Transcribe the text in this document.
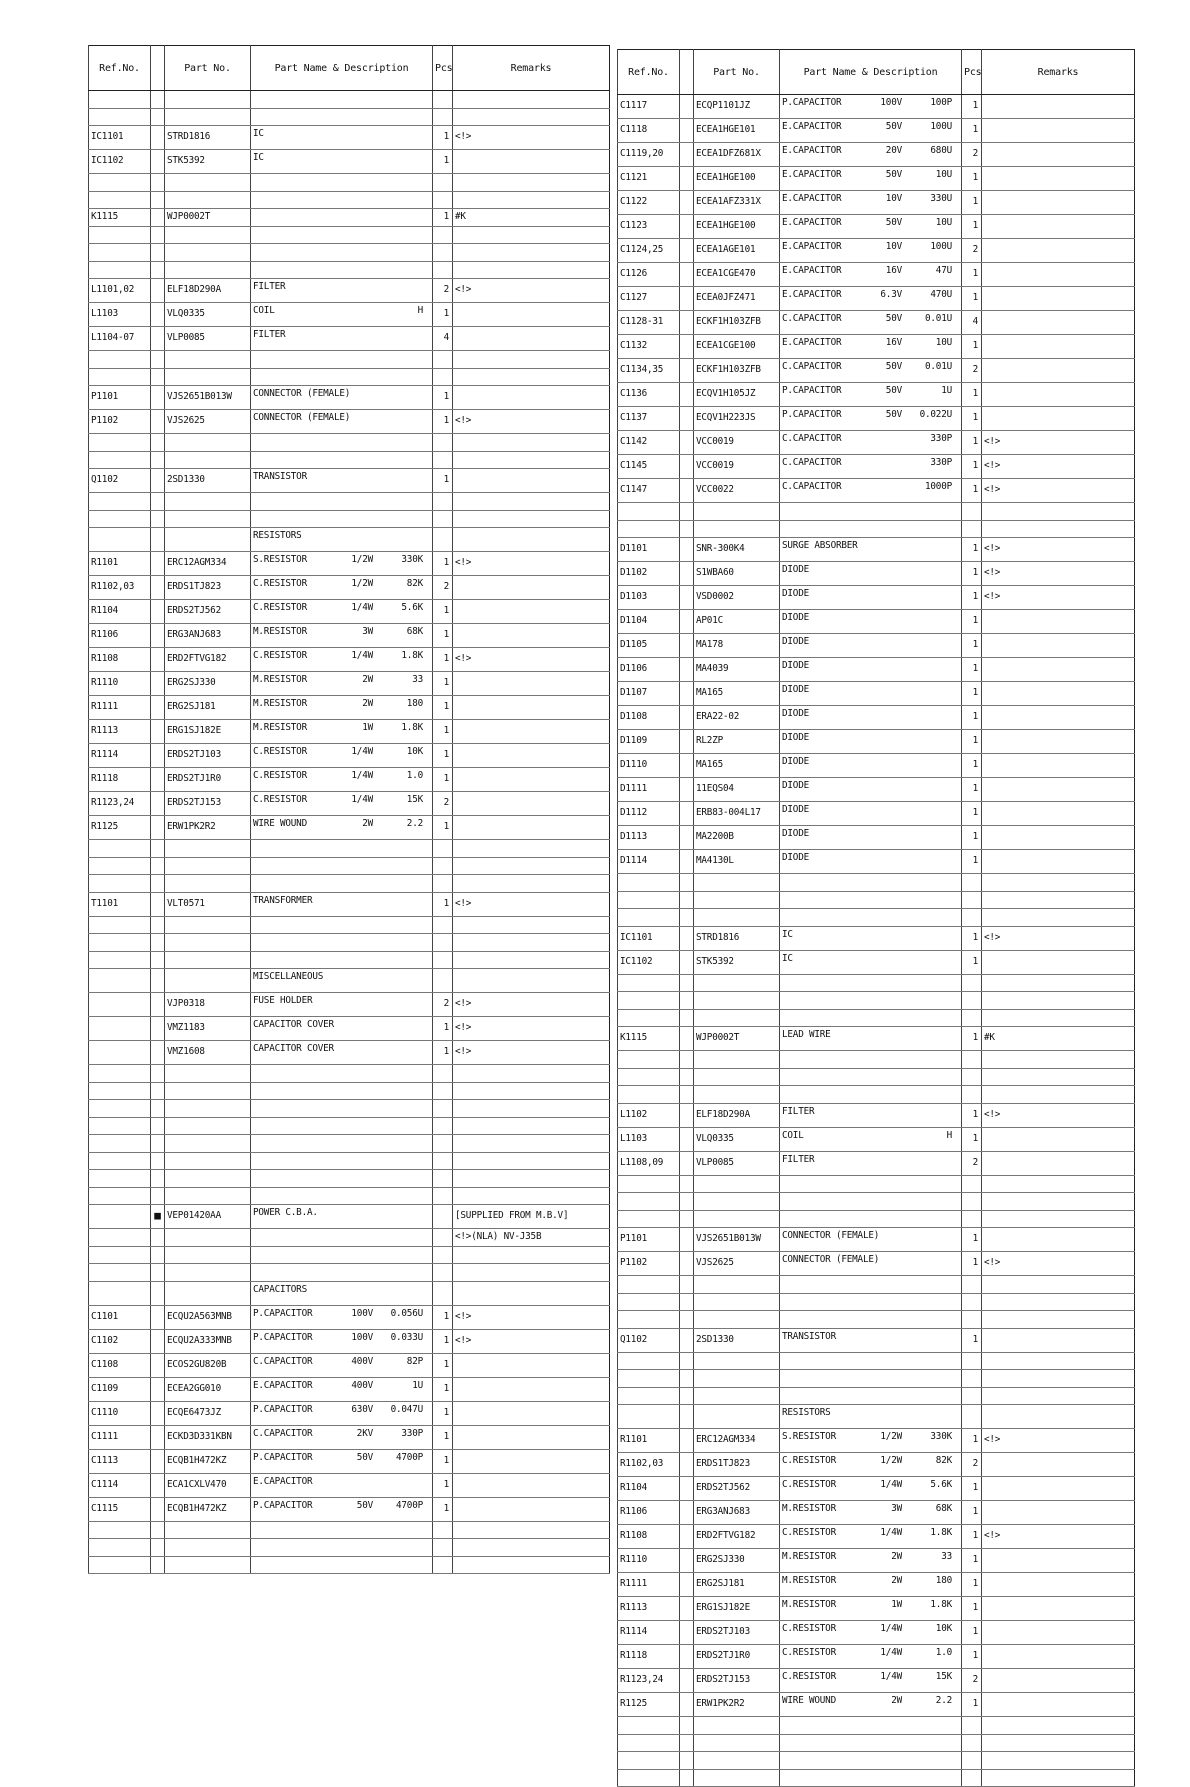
Ref.No.		Part No.	Part Name & Description	Pcs	Remarks

IC1101		STRD1816	IC	1	<!>
IC1102		STK5392	IC	1	

K1115		WJP0002T		1	#K

L1101,02		ELF18D290A	FILTER	2	<!>
L1103		VLQ0335	COIL H	1	
L1104-07		VLP0085	FILTER	4	

P1101		VJS2651B013W	CONNECTOR (FEMALE)	1	
P1102		VJS2625	CONNECTOR (FEMALE)	1	<!>

Q1102		2SD1330	TRANSISTOR	1	

			RESISTORS		
R1101		ERC12AGM334	S.RESISTOR 1/2W 330K	1	<!>
R1102,03		ERDS1TJ823	C.RESISTOR 1/2W 82K	2	
R1104		ERDS2TJ562	C.RESISTOR 1/4W 5.6K	1	
R1106		ERG3ANJ683	M.RESISTOR 3W 68K	1	
R1108		ERD2FTVG182	C.RESISTOR 1/4W 1.8K	1	<!>
R1110		ERG2SJ330	M.RESISTOR 2W 33	1	
R1111		ERG2SJ181	M.RESISTOR 2W 180	1	
R1113		ERG1SJ182E	M.RESISTOR 1W 1.8K	1	
R1114		ERDS2TJ103	C.RESISTOR 1/4W 10K	1	
R1118		ERDS2TJ1R0	C.RESISTOR 1/4W 1.0	1	
R1123,24		ERDS2TJ153	C.RESISTOR 1/4W 15K	2	
R1125		ERW1PK2R2	WIRE WOUND 2W 2.2	1	

T1101		VLT0571	TRANSFORMER	1	<!>

			MISCELLANEOUS		
		VJP0318	FUSE HOLDER	2	<!>
		VMZ1183	CAPACITOR COVER	1	<!>
		VMZ1608	CAPACITOR COVER	1	<!>

	■	VEP01420AA	POWER C.B.A.		[SUPPLIED FROM M.B.V]
					<!>(NLA) NV-J35B

			CAPACITORS		
C1101		ECQU2A563MNB	P.CAPACITOR 100V 0.056U	1	<!>
C1102		ECQU2A333MNB	P.CAPACITOR 100V 0.033U	1	<!>
C1108		ECOS2GU820B	C.CAPACITOR 400V 82P	1	
C1109		ECEA2GG010	E.CAPACITOR 400V 1U	1	
C1110		ECQE6473JZ	P.CAPACITOR 630V 0.047U	1	
C1111		ECKD3D331KBN	C.CAPACITOR 2KV 330P	1	
C1113		ECQB1H472KZ	P.CAPACITOR 50V 4700P	1	
C1114		ECA1CXLV470	E.CAPACITOR	1	
C1115		ECQB1H472KZ	P.CAPACITOR 50V 4700P	1	

Ref.No.		Part No.	Part Name & Description	Pcs	Remarks
C1117		ECQP1101JZ	P.CAPACITOR 100V 100P	1	
C1118		ECEA1HGE101	E.CAPACITOR 50V 100U	1	
C1119,20		ECEA1DFZ681X	E.CAPACITOR 20V 680U	2	
C1121		ECEA1HGE100	E.CAPACITOR 50V 10U	1	
C1122		ECEA1AFZ331X	E.CAPACITOR 10V 330U	1	
C1123		ECEA1HGE100	E.CAPACITOR 50V 10U	1	
C1124,25		ECEA1AGE101	E.CAPACITOR 10V 100U	2	
C1126		ECEA1CGE470	E.CAPACITOR 16V 47U	1	
C1127		ECEA0JFZ471	E.CAPACITOR 6.3V 470U	1	
C1128-31		ECKF1H103ZFB	C.CAPACITOR 50V 0.01U	4	
C1132		ECEA1CGE100	E.CAPACITOR 16V 10U	1	
C1134,35		ECKF1H103ZFB	C.CAPACITOR 50V 0.01U	2	
C1136		ECQV1H105JZ	P.CAPACITOR 50V 1U	1	
C1137		ECQV1H223JS	P.CAPACITOR 50V 0.022U	1	
C1142		VCC0019	C.CAPACITOR 330P	1	<!>
C1145		VCC0019	C.CAPACITOR 330P	1	<!>
C1147		VCC0022	C.CAPACITOR 1000P	1	<!>

D1101		SNR-300K4	SURGE ABSORBER	1	<!>
D1102		S1WBA60	DIODE	1	<!>
D1103		VSD0002	DIODE	1	<!>
D1104		AP01C	DIODE	1	
D1105		MA178	DIODE	1	
D1106		MA4039	DIODE	1	
D1107		MA165	DIODE	1	
D1108		ERA22-02	DIODE	1	
D1109		RL2ZP	DIODE	1	
D1110		MA165	DIODE	1	
D1111		11EQS04	DIODE	1	
D1112		ERB83-004L17	DIODE	1	
D1113		MA2200B	DIODE	1	
D1114		MA4130L	DIODE	1	

IC1101		STRD1816	IC	1	<!>
IC1102		STK5392	IC	1	

K1115		WJP0002T	LEAD WIRE	1	#K

L1102		ELF18D290A	FILTER	1	<!>
L1103		VLQ0335	COIL H	1	
L1108,09		VLP0085	FILTER	2	

P1101		VJS2651B013W	CONNECTOR (FEMALE)	1	
P1102		VJS2625	CONNECTOR (FEMALE)	1	<!>

Q1102		2SD1330	TRANSISTOR	1	

			RESISTORS		
R1101		ERC12AGM334	S.RESISTOR 1/2W 330K	1	<!>
R1102,03		ERDS1TJ823	C.RESISTOR 1/2W 82K	2	
R1104		ERDS2TJ562	C.RESISTOR 1/4W 5.6K	1	
R1106		ERG3ANJ683	M.RESISTOR 3W 68K	1	
R1108		ERD2FTVG182	C.RESISTOR 1/4W 1.8K	1	<!>
R1110		ERG2SJ330	M.RESISTOR 2W 33	1	
R1111		ERG2SJ181	M.RESISTOR 2W 180	1	
R1113		ERG1SJ182E	M.RESISTOR 1W 1.8K	1	
R1114		ERDS2TJ103	C.RESISTOR 1/4W 10K	1	
R1118		ERDS2TJ1R0	C.RESISTOR 1/4W 1.0	1	
R1123,24		ERDS2TJ153	C.RESISTOR 1/4W 15K	2	
R1125		ERW1PK2R2	WIRE WOUND 2W 2.2	1	
